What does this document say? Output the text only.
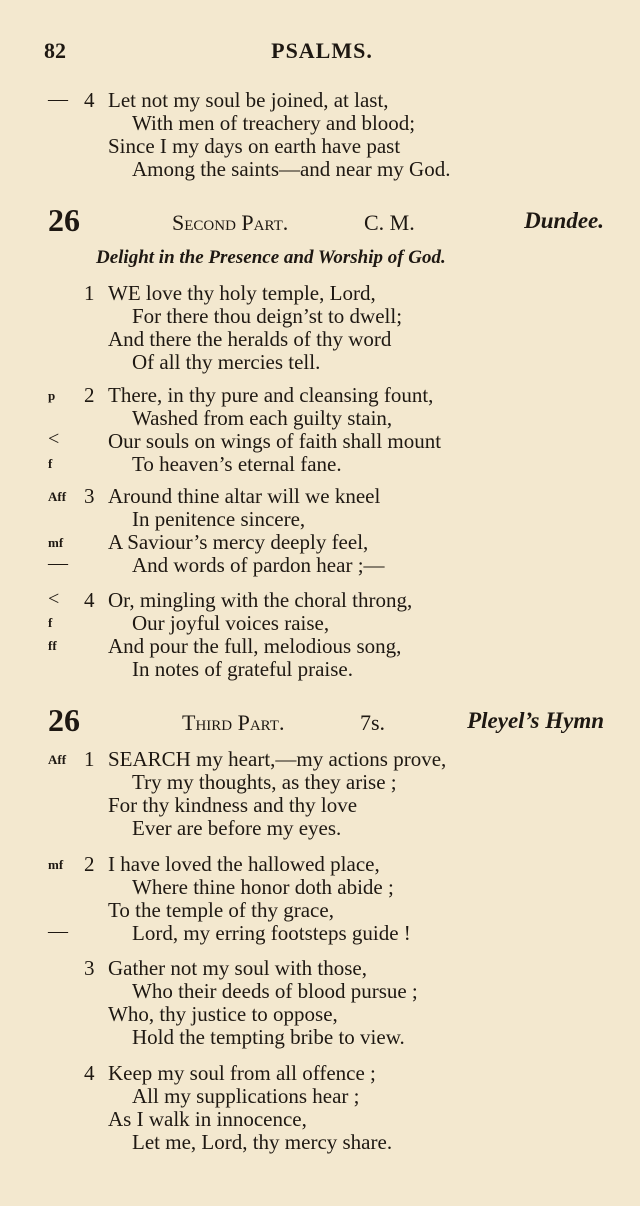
82	PSALMS.
— 4 Let not my soul be joined, at last,
With men of treachery and blood;
Since I my days on earth have past
Among the saints—and near my God.
26	Second Part.	C. M.	Dundee.
Delight in the Presence and Worship of God.
1 WE love thy holy temple, Lord,
For there thou deign’st to dwell;
And there the heralds of thy word
Of all thy mercies tell.
p 2 There, in thy pure and cleansing fount,
Washed from each guilty stain,
< Our souls on wings of faith shall mount
f	To heaven’s eternal fane.
Aff 3 Around thine altar will we kneel
In penitence sincere,
mf A Saviour’s mercy deeply feel,
—	And words of pardon hear ;—
< 4 Or, mingling with the choral throng,
f	Our joyful voices raise,
ff And pour the full, melodious song,
In notes of grateful praise.
26	Third Part.	7s.	Pleyel’s Hymn
Aff 1 SEARCH my heart,—my actions prove,
Try my thoughts, as they arise ;
For thy kindness and thy love
Ever are before my eyes.
mf 2 I have loved the hallowed place,
Where thine honor doth abide ;
To the temple of thy grace,
—	Lord, my erring footsteps guide !
3 Gather not my soul with those,
Who their deeds of blood pursue ;
Who, thy justice to oppose,
Hold the tempting bribe to view.
4 Keep my soul from all offence ;
All my supplications hear ;
As I walk in innocence,
Let me, Lord, thy mercy share.
